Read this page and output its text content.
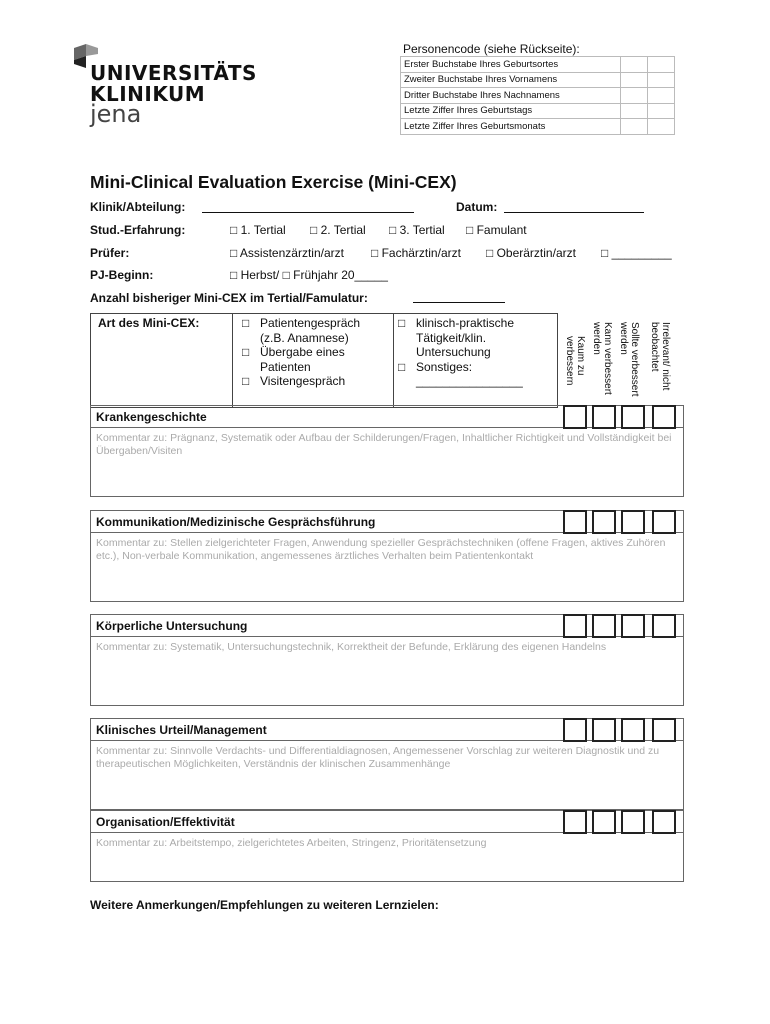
UNIVERSITÄTS
KLINIKUM
jena
Personencode (siehe Rückseite):
Erster Buchstabe Ihres Geburtsortes		
Zweiter Buchstabe Ihres Vornamens		
Dritter Buchstabe Ihres Nachnamens		
Letzte Ziffer Ihres Geburtstags		
Letzte Ziffer Ihres Geburtsmonats		
Mini-Clinical Evaluation Exercise (Mini-CEX)
Klinik/Abteilung:	Datum:
Stud.-Erfahrung:	□ 1. Tertial □ 2. Tertial □ 3. Tertial □ Famulant
Prüfer:	□ Assistenzärztin/arzt □ Fachärztin/arzt □ Oberärztin/arzt □ _________
PJ-Beginn:	□ Herbst/ □ Frühjahr 20_____
Anzahl bisheriger Mini-CEX im Tertial/Famulatur:
Art des Mini-CEX:	□ Patientengespräch
(z.B. Anamnese)
□ Übergabe eines
Patienten
□ Visitengespräch
□ klinisch-praktische
Tätigkeit/klin.
Untersuchung
□ Sonstiges:
________________
Kaum zu verbessern	Kann verbessert werden	Sollte verbessert werden	Irrelevant/ nicht beobachtet
Krankengeschichte
Kommentar zu: Prägnanz, Systematik oder Aufbau der Schilderungen/Fragen, Inhaltlicher Richtigkeit und Vollständigkeit bei Übergaben/Visiten
Kommunikation/Medizinische Gesprächsführung
Kommentar zu: Stellen zielgerichteter Fragen, Anwendung spezieller Gesprächstechniken (offene Fragen, aktives Zuhören etc.), Non-verbale Kommunikation, angemessenes ärztliches Verhalten beim Patientenkontakt
Körperliche Untersuchung
Kommentar zu: Systematik, Untersuchungstechnik, Korrektheit der Befunde, Erklärung des eigenen Handelns
Klinisches Urteil/Management
Kommentar zu: Sinnvolle Verdachts- und Differentialdiagnosen, Angemessener Vorschlag zur weiteren Diagnostik und zu therapeutischen Möglichkeiten, Verständnis der klinischen Zusammenhänge
Organisation/Effektivität
Kommentar zu: Arbeitstempo, zielgerichtetes Arbeiten, Stringenz, Prioritätensetzung
Weitere Anmerkungen/Empfehlungen zu weiteren Lernzielen:
